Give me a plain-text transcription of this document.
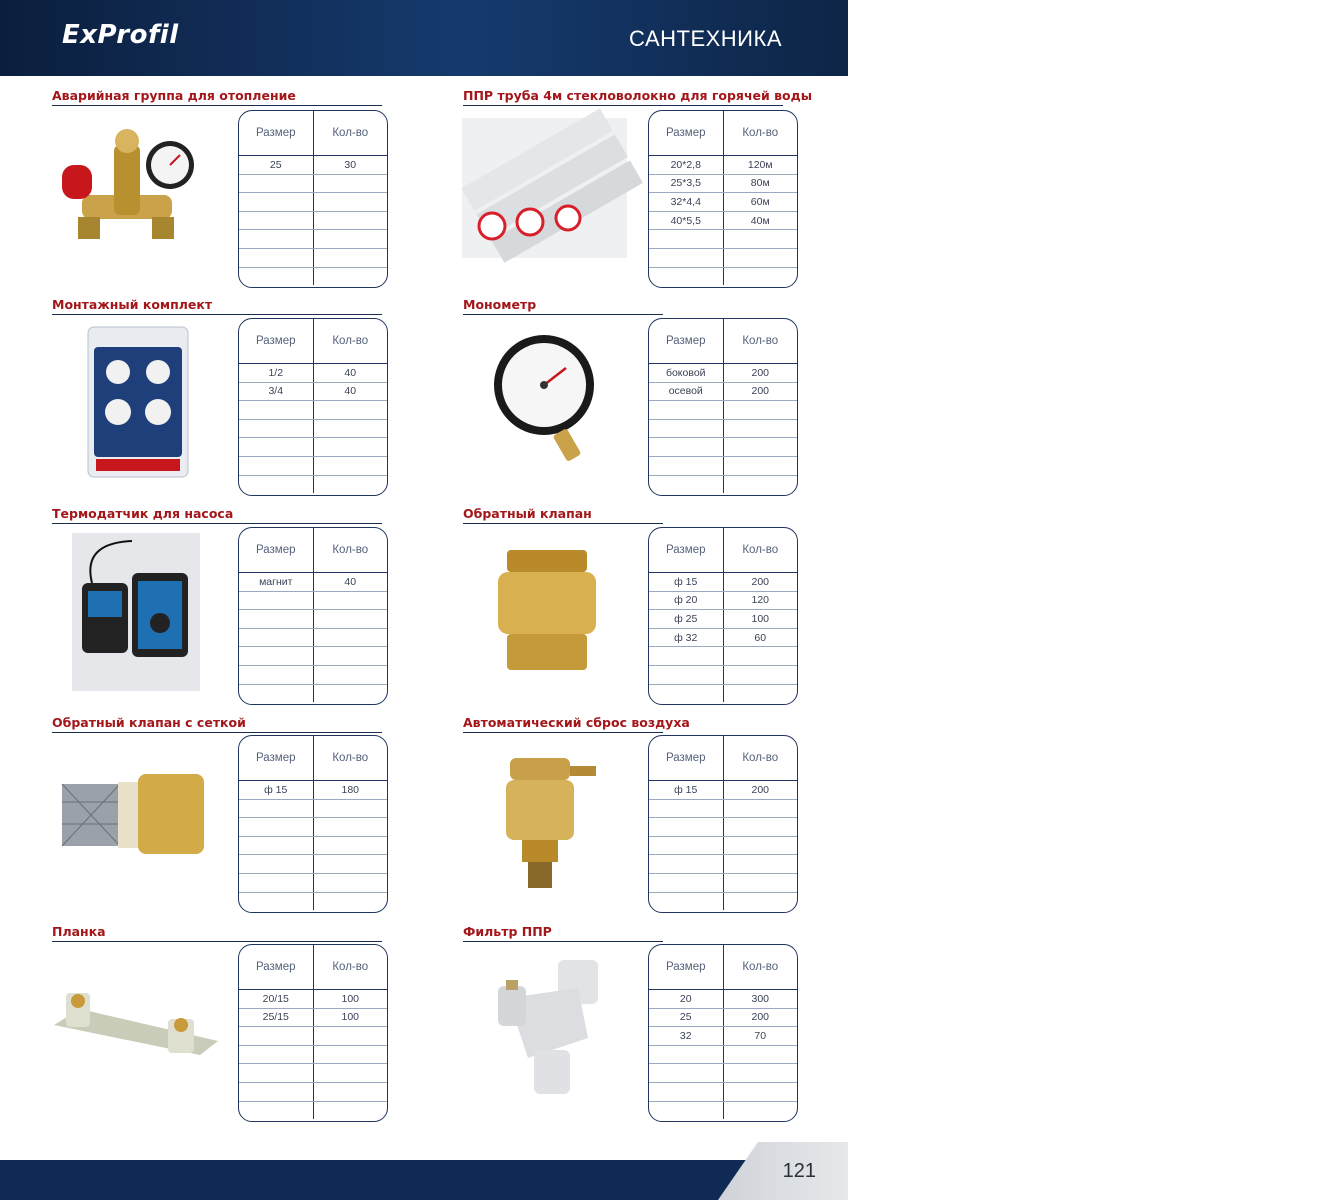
ExProfil	САНТЕХНИКА
Kaspi.kz
Аварийная группа для отопление
Размер	Кол-во
25	30
ППР труба 4м стекловолокно для горячей воды
Размер	Кол-во
20*2,8	120м
25*3,5	80м
32*4,4	60м
40*5,5	40м
Монтажный комплект
Размер	Кол-во
1/2	40
3/4	40
Монометр
Размер	Кол-во
боковой	200
осевой	200
Термодатчик для насоса
Размер	Кол-во
магнит	40
Обратный клапан
Размер	Кол-во
ф 15	200
ф 20	120
ф 25	100
ф 32	60
Обратный клапан с сеткой
Размер	Кол-во
ф 15	180
Автоматический сброс воздуха
Размер	Кол-во
ф 15	200
Планка
Размер	Кол-во
20/15	100
25/15	100
Фильтр ППР
Размер	Кол-во
20	300
25	200
32	70
121
